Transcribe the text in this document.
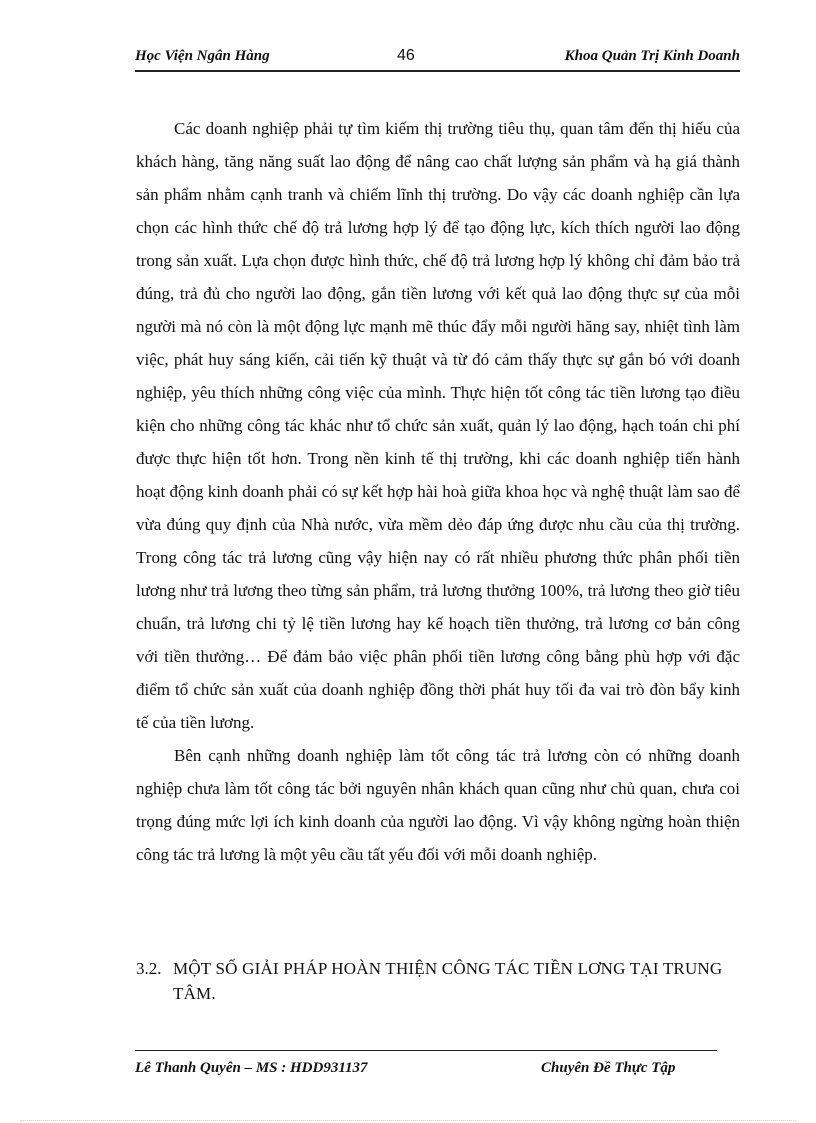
Học Viện Ngân Hàng	46	Khoa Quản Trị Kinh Doanh

Các doanh nghiệp phải tự tìm kiếm thị trường tiêu thụ, quan tâm đến thị hiếu của khách hàng, tăng năng suất lao động để nâng cao chất lượng sản phẩm và hạ giá thành sản phẩm nhằm cạnh tranh và chiếm lĩnh thị trường. Do vậy các doanh nghiệp cần lựa chọn các hình thức chế độ trả lương hợp lý để tạo động lực, kích thích người lao động trong sản xuất. Lựa chọn được hình thức, chế độ trả lương hợp lý không chỉ đảm bảo trả đúng, trả đủ cho người lao động, gắn tiền lương với kết quả lao động thực sự của mỗi người mà nó còn là một động lực mạnh mẽ thúc đẩy mỗi người hăng say, nhiệt tình làm việc, phát huy sáng kiến, cải tiến kỹ thuật và từ đó cảm thấy thực sự gắn bó với doanh nghiệp, yêu thích những công việc của mình. Thực hiện tốt công tác tiền lương tạo điều kiện cho những công tác khác như tổ chức sản xuất, quản lý lao động, hạch toán chi phí được thực hiện tốt hơn. Trong nền kinh tế thị trường, khi các doanh nghiệp tiến hành hoạt động kinh doanh phải có sự kết hợp hài hoà giữa khoa học và nghệ thuật làm sao để vừa đúng quy định của Nhà nước, vừa mềm dẻo đáp ứng được nhu cầu của thị trường. Trong công tác trả lương cũng vậy hiện nay có rất nhiều phương thức phân phối tiền lương như trả lương theo từng sản phẩm, trả lương thưởng 100%, trả lương theo giờ tiêu chuẩn, trả lương chi tỷ lệ tiền lương hay kế hoạch tiền thưởng, trả lương cơ bản công với tiền thưởng… Để đảm bảo việc phân phối tiền lương công bằng phù hợp với đặc điểm tổ chức sản xuất của doanh nghiệp đồng thời phát huy tối đa vai trò đòn bẩy kinh tế của tiền lương.

Bên cạnh những doanh nghiệp làm tốt công tác trả lương còn có những doanh nghiệp chưa làm tốt công tác bởi nguyên nhân khách quan cũng như chủ quan, chưa coi trọng đúng mức lợi ích kinh doanh của người lao động. Vì vậy không ngừng hoàn thiện công tác trả lương là một yêu cầu tất yếu đối với mỗi doanh nghiệp.

3.2. MỘT SỐ GIẢI PHÁP HOÀN THIỆN CÔNG TÁC TIỀN LƠNG TẠI TRUNG TÂM.
Lê Thanh Quyên – MS : HDD931137	Chuyên Đề Thực Tập
